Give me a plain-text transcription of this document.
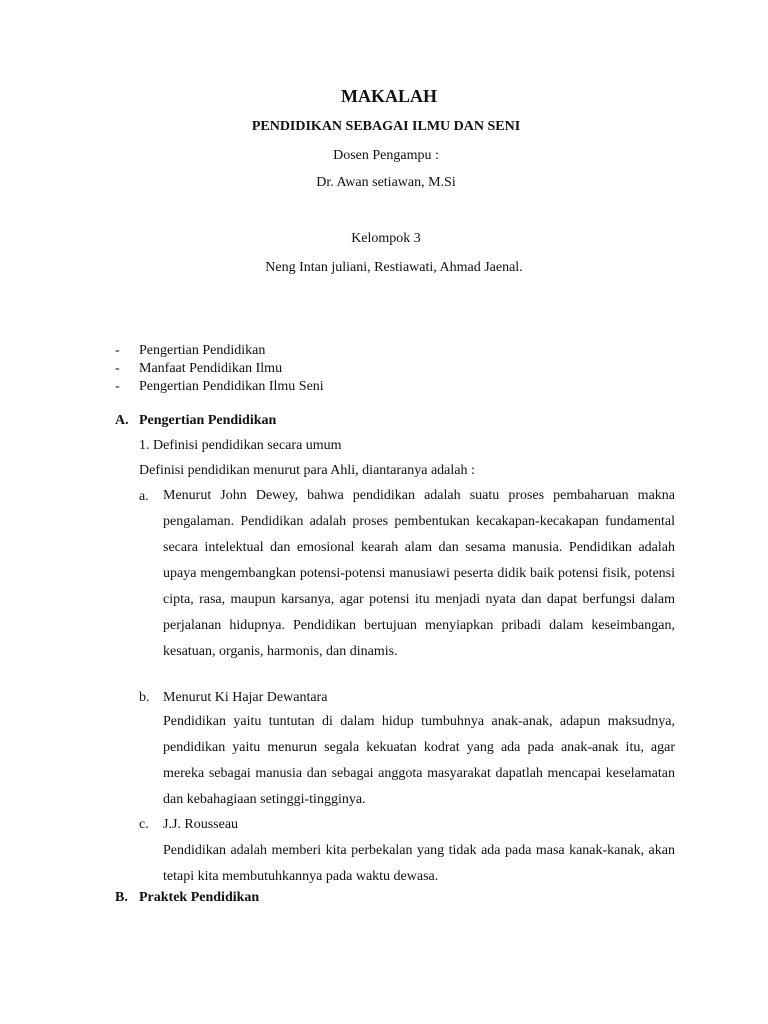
MAKALAH
PENDIDIKAN SEBAGAI ILMU DAN SENI
Dosen Pengampu :
Dr. Awan setiawan, M.Si
Kelompok 3
Neng Intan juliani, Restiawati, Ahmad Jaenal.
- Pengertian Pendidikan
- Manfaat Pendidikan Ilmu
- Pengertian Pendidikan Ilmu Seni
A. Pengertian Pendidikan
1. Definisi pendidikan secara umum
Definisi pendidikan menurut para Ahli, diantaranya adalah :
a. Menurut John Dewey, bahwa pendidikan adalah suatu proses pembaharuan makna pengalaman. Pendidikan adalah proses pembentukan kecakapan-kecakapan fundamental secara intelektual dan emosional kearah alam dan sesama manusia. Pendidikan adalah upaya mengembangkan potensi-potensi manusiawi peserta didik baik potensi fisik, potensi cipta, rasa, maupun karsanya, agar potensi itu menjadi nyata dan dapat berfungsi dalam perjalanan hidupnya. Pendidikan bertujuan menyiapkan pribadi dalam keseimbangan, kesatuan, organis, harmonis, dan dinamis.
b. Menurut Ki Hajar Dewantara
Pendidikan yaitu tuntutan di dalam hidup tumbuhnya anak-anak, adapun maksudnya, pendidikan yaitu menurun segala kekuatan kodrat yang ada pada anak-anak itu, agar mereka sebagai manusia dan sebagai anggota masyarakat dapatlah mencapai keselamatan dan kebahagiaan setinggi-tingginya.
c. J.J. Rousseau
Pendidikan adalah memberi kita perbekalan yang tidak ada pada masa kanak-kanak, akan tetapi kita membutuhkannya pada waktu dewasa.
B. Praktek Pendidikan
